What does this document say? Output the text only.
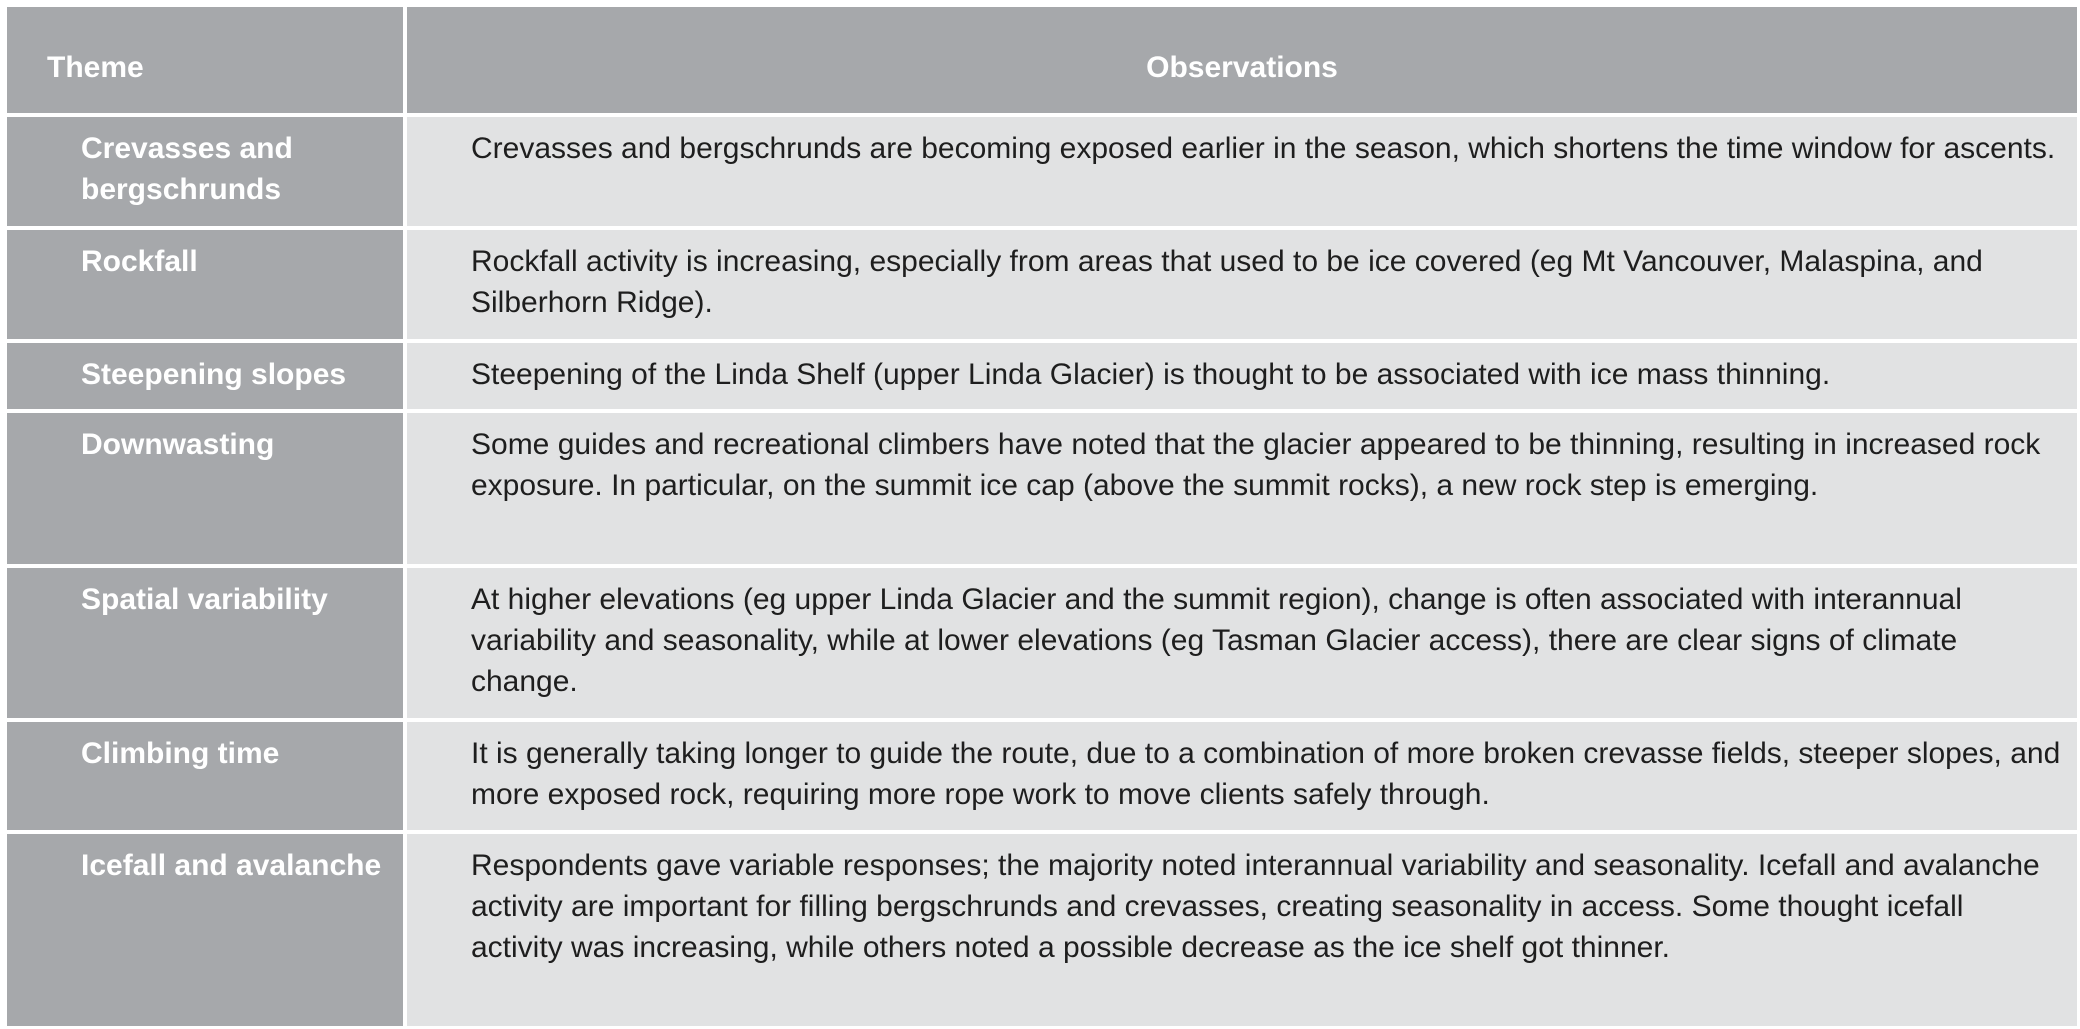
Theme	Observations
Crevasses and bergschrunds	Crevasses and bergschrunds are becoming exposed earlier in the season, which shortens the time window for ascents.
Rockfall	Rockfall activity is increasing, especially from areas that used to be ice covered (eg Mt Vancouver, Malaspina, and Silberhorn Ridge).
Steepening slopes	Steepening of the Linda Shelf (upper Linda Glacier) is thought to be associated with ice mass thinning.
Downwasting	Some guides and recreational climbers have noted that the glacier appeared to be thinning, resulting in increased rock exposure. In particular, on the summit ice cap (above the summit rocks), a new rock step is emerging.
Spatial variability	At higher elevations (eg upper Linda Glacier and the summit region), change is often associated with interannual variability and seasonality, while at lower elevations (eg Tasman Glacier access), there are clear signs of climate change.
Climbing time	It is generally taking longer to guide the route, due to a combination of more broken crevasse fields, steeper slopes, and more exposed rock, requiring more rope work to move clients safely through.
Icefall and avalanche	Respondents gave variable responses; the majority noted interannual variability and seasonality. Icefall and avalanche activity are important for filling bergschrunds and crevasses, creating seasonality in access. Some thought icefall activity was increasing, while others noted a possible decrease as the ice shelf got thinner.
